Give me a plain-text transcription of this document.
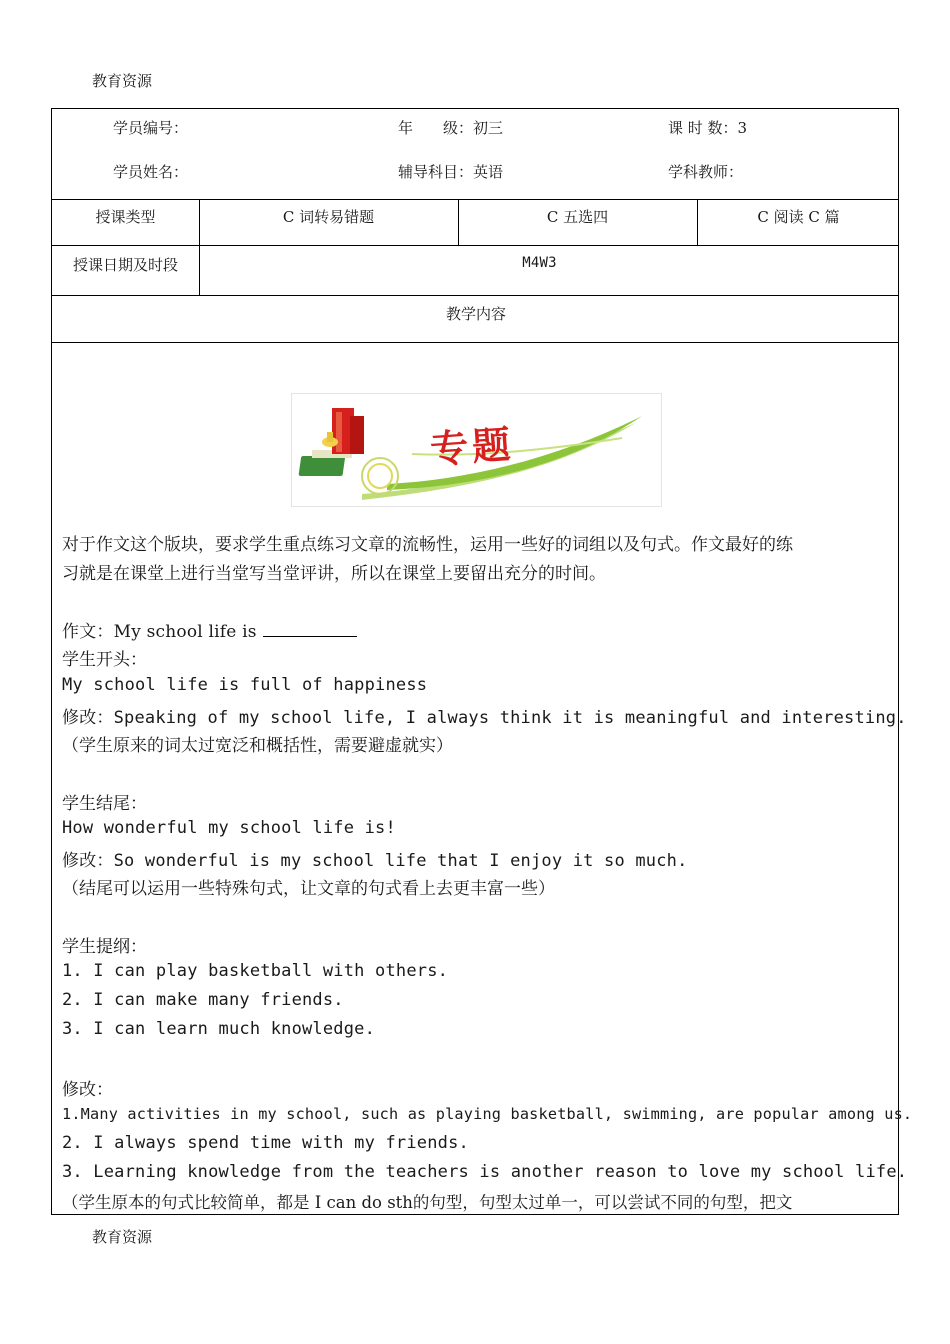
教育资源
学员编号：	年　　级：初三	课 时 数：3
学员姓名：	辅导科目：英语	学科教师：
授课类型	C 词转易错题	C 五选四	C 阅读 C 篇
授课日期及时段	M4W3
教学内容
专题
对于作文这个版块，要求学生重点练习文章的流畅性，运用一些好的词组以及句式。作文最好的练
习就是在课堂上进行当堂写当堂评讲，所以在课堂上要留出充分的时间。
作文：My school life is
学生开头：
My school life is full of happiness
修改：Speaking of my school life, I always think it is meaningful and interesting.
（学生原来的词太过宽泛和概括性，需要避虚就实）
学生结尾：
How wonderful my school life is!
修改：So wonderful is my school life that I enjoy it so much.
（结尾可以运用一些特殊句式，让文章的句式看上去更丰富一些）
学生提纲：
1. I can play basketball with others.
2. I can make many friends.
3. I can learn much knowledge.
修改：
1.Many activities in my school, such as playing basketball, swimming, are popular among us.
2. I always spend time with my friends.
3. Learning knowledge from the teachers is another reason to love my school life.
（学生原本的句式比较简单，都是 I can do sth的句型，句型太过单一，可以尝试不同的句型，把文
教育资源
